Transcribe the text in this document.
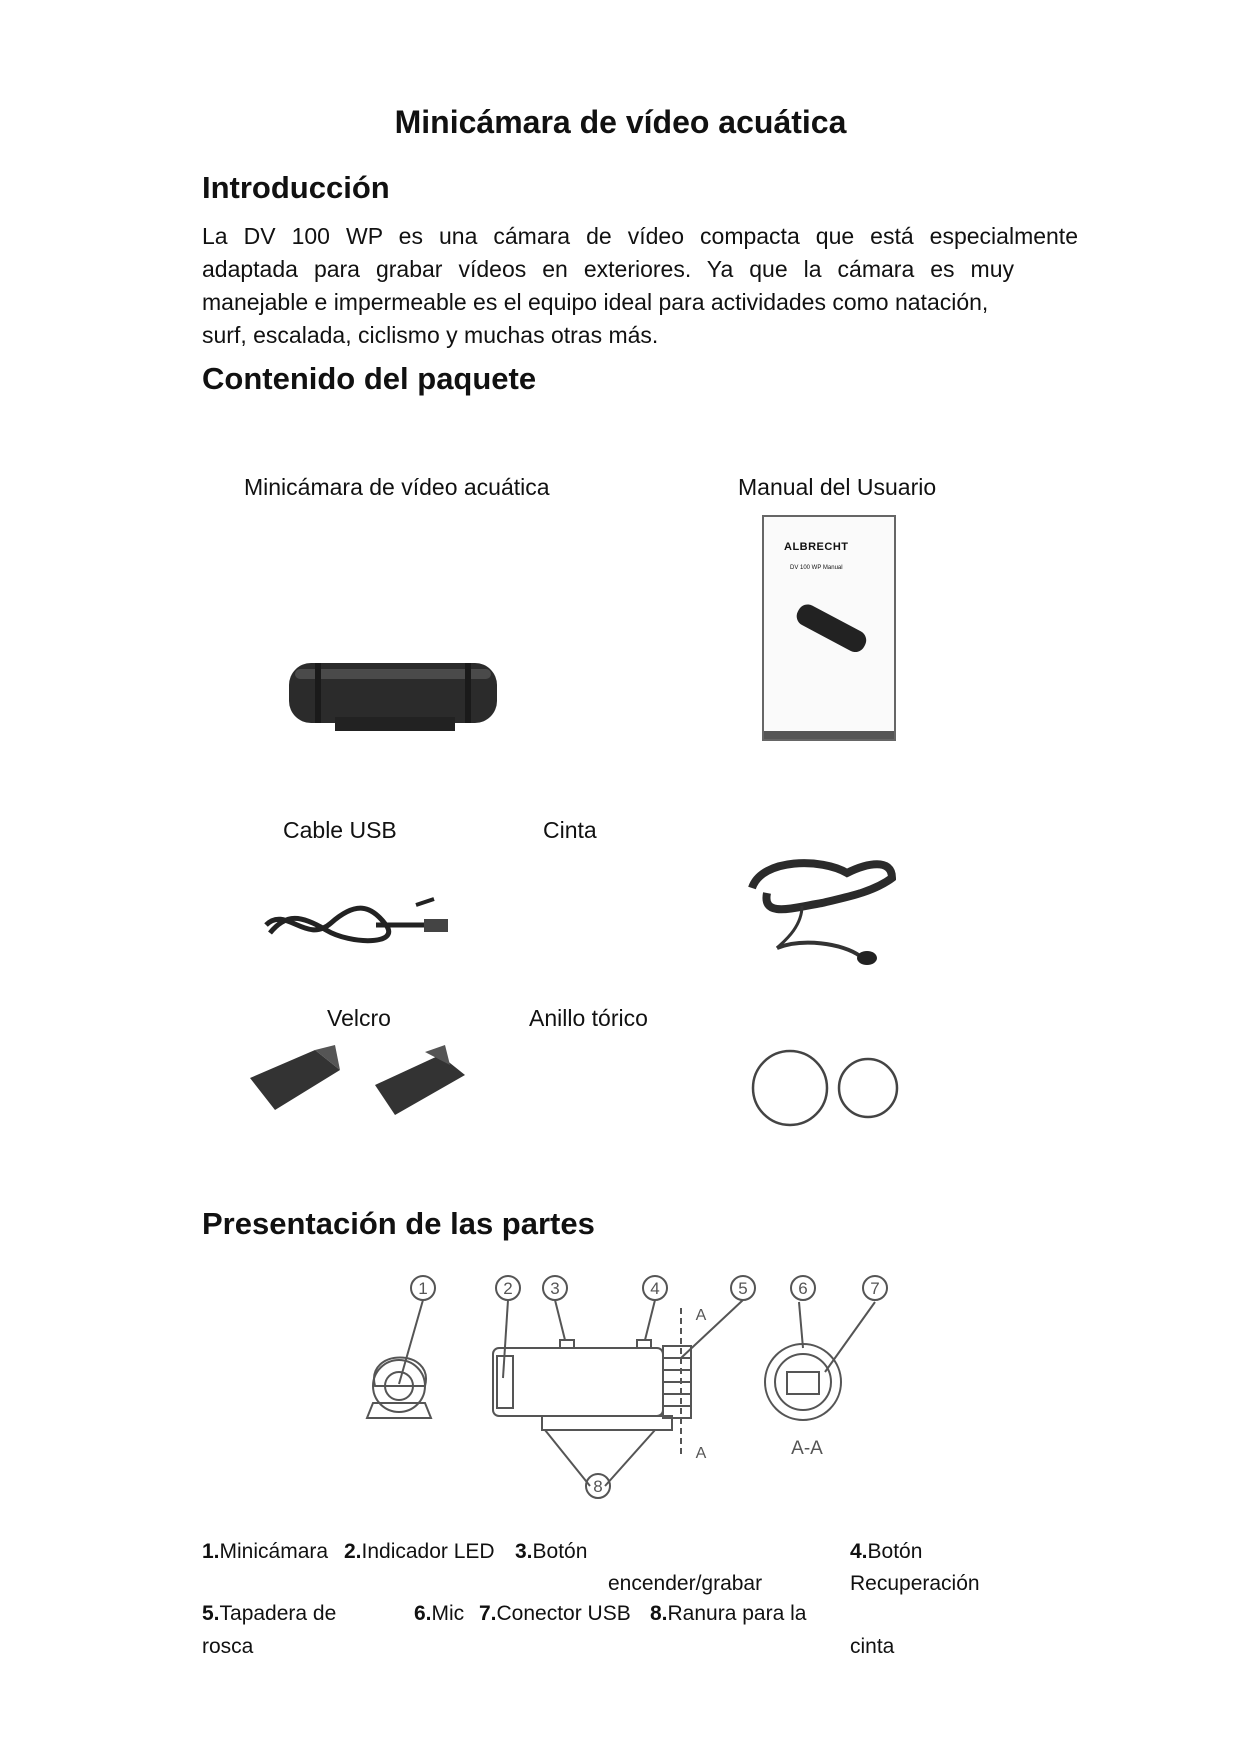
Minicámara de vídeo acuática
Introducción
La DV 100 WP es una cámara de vídeo compacta que está especialmente
adaptada para grabar vídeos en exteriores. Ya que la cámara es muy
manejable e impermeable es el equipo ideal para actividades como natación,
surf, escalada, ciclismo y muchas otras más.
Contenido del paquete
Minicámara de vídeo acuática	Manual del Usuario
ALBRECHT
DV 100 WP Manual
Cable USB	Cinta
Velcro	Anillo tórico
Presentación de las partes
1	2 3	4	5	6	7
8
A
A	A-A
1.Minicámara 2.Indicador LED 3.Botón
encender/grabar
4.Botón
Recuperación
5.Tapadera de
rosca
6.Mic 7.Conector USB 8.Ranura para la
cinta
